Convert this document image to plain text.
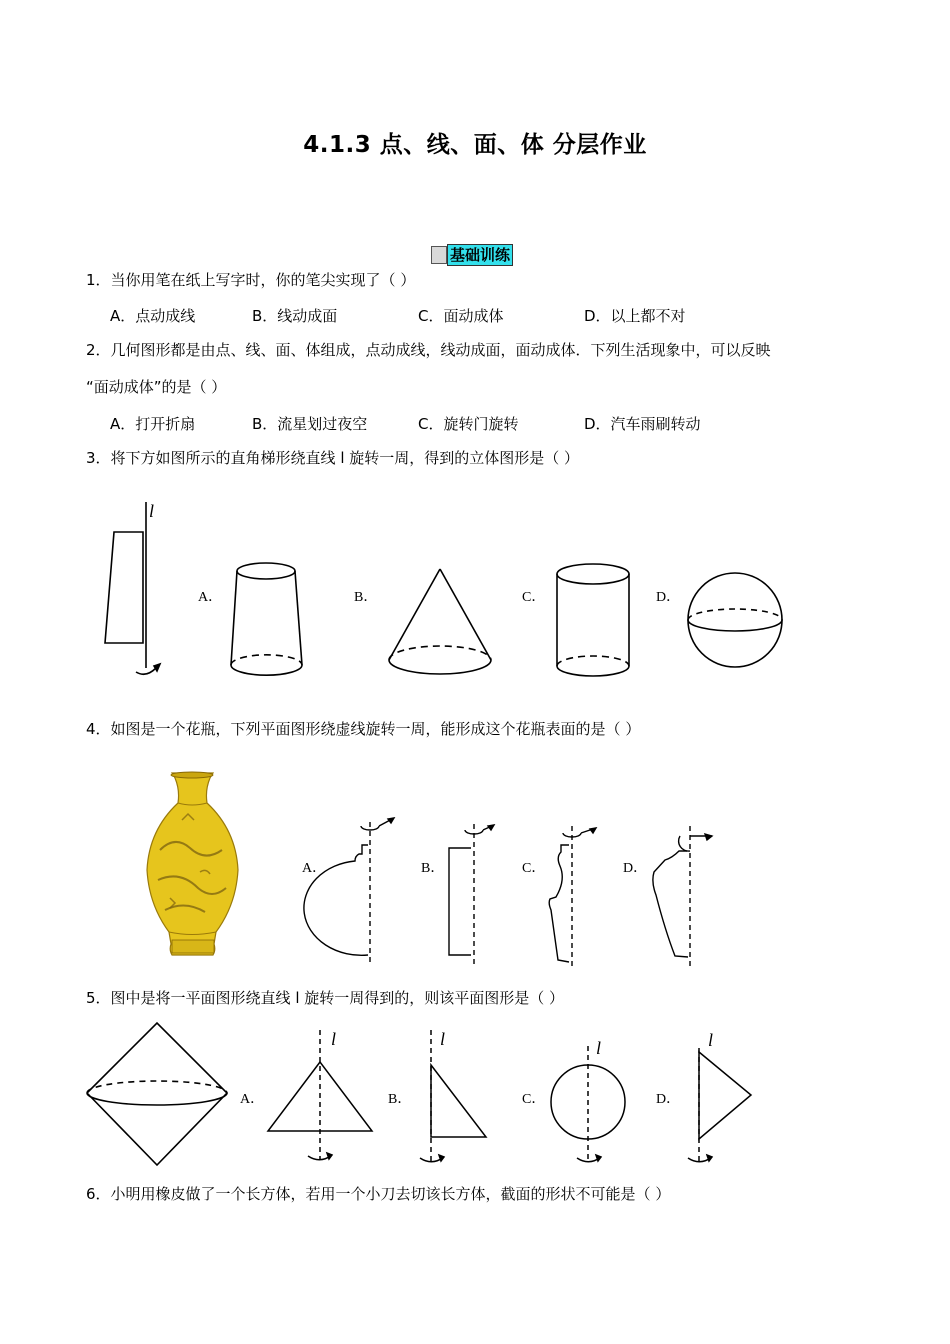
4.1.3 点、线、面、体 分层作业
基础训练
1．当你用笔在纸上写字时，你的笔尖实现了（ ）
A．点动成线	B．线动成面	C．面动成体	D．以上都不对
2．几何图形都是由点、线、面、体组成，点动成线，线动成面，面动成体．下列生活现象中，可以反映
“面动成体”的是（ ）
A．打开折扇	B．流星划过夜空	C．旋转门旋转	D．汽车雨刷转动
3．将下方如图所示的直角梯形绕直线 l 旋转一周，得到的立体图形是（ ）
l
A．	B．	C．	D．
4．如图是一个花瓶，下列平面图形绕虚线旋转一周，能形成这个花瓶表面的是（ ）
A．	B．	C．	D．
5．图中是将一平面图形绕直线 l 旋转一周得到的，则该平面图形是（ ）
l	l	l	l
A．	B．	C．	D．
6．小明用橡皮做了一个长方体，若用一个小刀去切该长方体，截面的形状不可能是（ ）
